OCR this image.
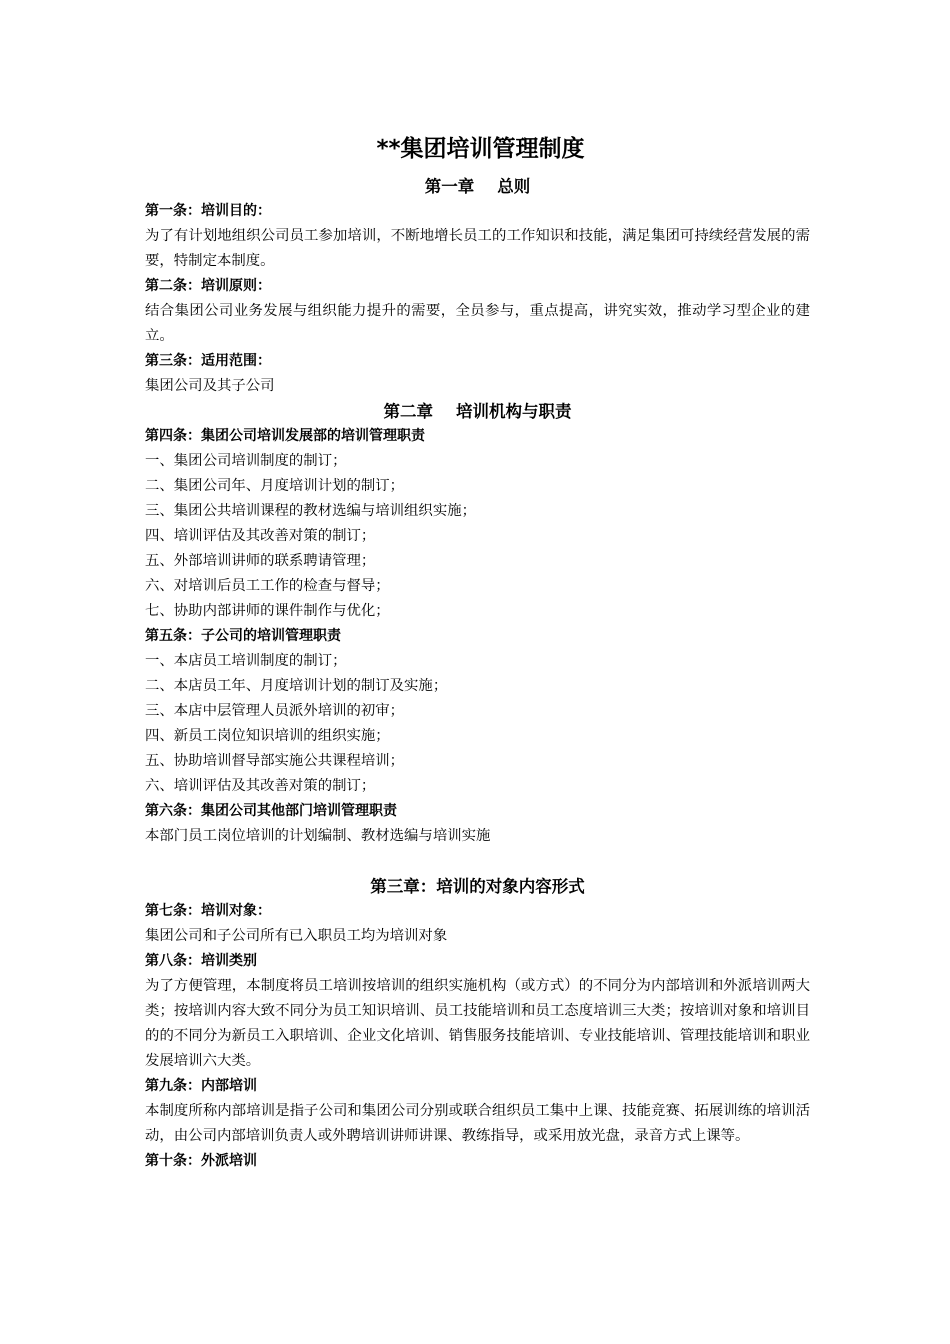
**集团培训管理制度
第一章    总则
第一条：培训目的：

为了有计划地组织公司员工参加培训，不断地增长员工的工作知识和技能，满足集团可持续经营发展的需要，特制定本制度。

第二条：培训原则：

结合集团公司业务发展与组织能力提升的需要，全员参与，重点提高，讲究实效，推动学习型企业的建立。

第三条：适用范围：

集团公司及其子公司

第二章    培训机构与职责
第四条：集团公司培训发展部的培训管理职责
一、集团公司培训制度的制订；
二、集团公司年、月度培训计划的制订；
三、集团公共培训课程的教材选编与培训组织实施；
四、培训评估及其改善对策的制订；
五、外部培训讲师的联系聘请管理；
六、对培训后员工工作的检查与督导；
七、协助内部讲师的课件制作与优化；
第五条：子公司的培训管理职责
一、本店员工培训制度的制订；
二、本店员工年、月度培训计划的制订及实施；
三、本店中层管理人员派外培训的初审；
四、新员工岗位知识培训的组织实施；
五、协助培训督导部实施公共课程培训；
六、培训评估及其改善对策的制订；
第六条：集团公司其他部门培训管理职责

本部门员工岗位培训的计划编制、教材选编与培训实施

第三章：培训的对象内容形式
第七条：培训对象：

集团公司和子公司所有已入职员工均为培训对象

第八条：培训类别

为了方便管理，本制度将员工培训按培训的组织实施机构（或方式）的不同分为内部培训和外派培训两大类；按培训内容大致不同分为员工知识培训、员工技能培训和员工态度培训三大类；按培训对象和培训目的的不同分为新员工入职培训、企业文化培训、销售服务技能培训、专业技能培训、管理技能培训和职业发展培训六大类。

第九条：内部培训

本制度所称内部培训是指子公司和集团公司分别或联合组织员工集中上课、技能竞赛、拓展训练的培训活动，由公司内部培训负责人或外聘培训讲师讲课、教练指导，或采用放光盘，录音方式上课等。

第十条：外派培训
